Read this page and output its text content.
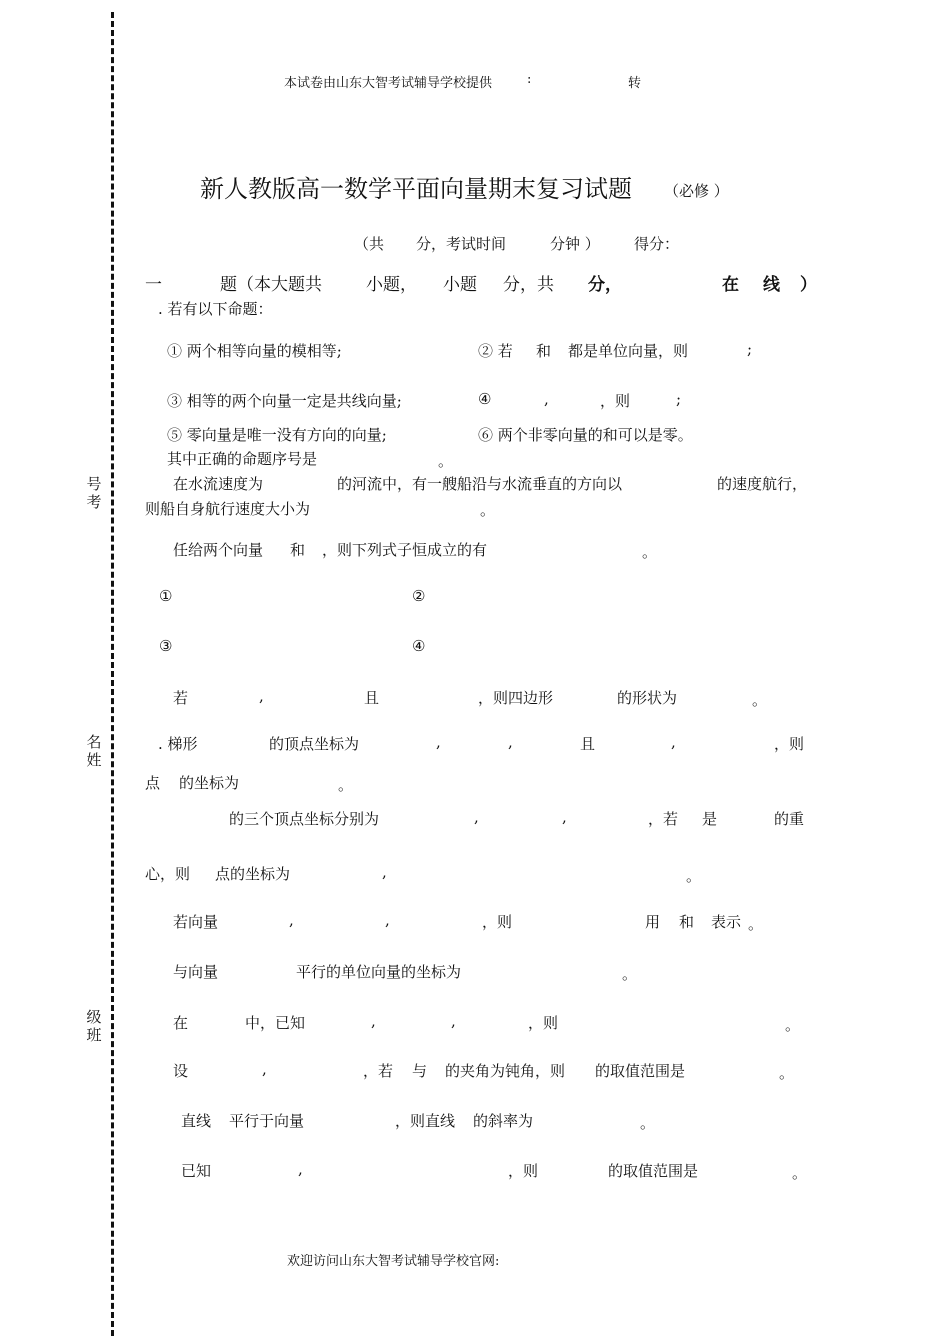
号考
名姓
级班
本试卷由山东大智考试辅导学校提供	:	转
新人教版高一数学平面向量期末复习试题 （必修 ）
（共 分，考试时间	分钟 ） 得分：
一	题（本大题共	小题， 小题 分，共 分，	在 线 ）
. 若有以下命题：
① 两个相等向量的模相等;	② 若 和 都是单位向量，则	;
③ 相等的两个向量一定是共线向量;	④	,	，则	;
⑤ 零向量是唯一没有方向的向量;	⑥ 两个非零向量的和可以是零。
其中正确的命题序号是	。
在水流速度为	的河流中，有一艘船沿与水流垂直的方向以	的速度航行，
则船自身航行速度大小为	。
任给两个向量 和 ，则下列式子恒成立的有	。
①	②
③	④
若	,	且	，则四边形	的形状为	。
. 梯形	的顶点坐标为	,	,	且	,	，则
点 的坐标为	。
的三个顶点坐标分别为	,	,	，若 是	的重
心，则 点的坐标为	,	。
若向量	,	,	，则	用 和 表示 。
与向量	平行的单位向量的坐标为	。
在	中，已知	,	,	，则	。
设	,	，若 与 的夹角为钝角，则 的取值范围是	。
直线 平行于向量	，则直线 的斜率为	。
已知	,	，则	的取值范围是	。
欢迎访问山东大智考试辅导学校官网:
